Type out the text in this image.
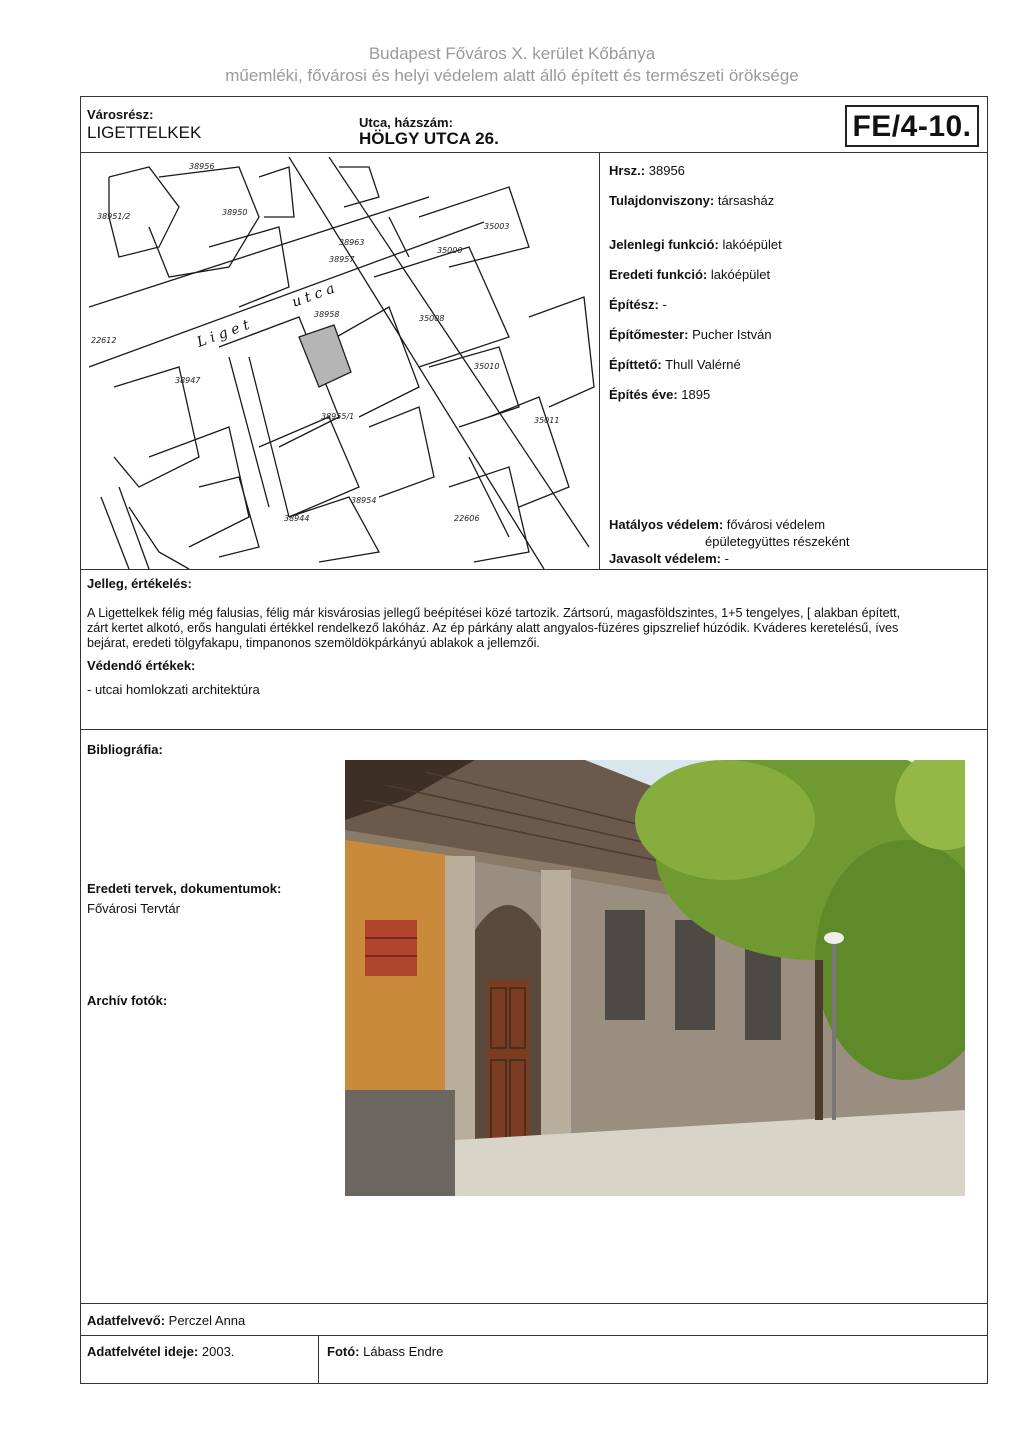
Budapest Főváros X. kerület Kőbánya
műemléki, fővárosi és helyi védelem alatt álló épített és természeti öröksége
Városrész:
LIGETTELKEK
Utca, házszám:
HÖLGY UTCA 26.	FE/4-10.
38956
38950
38951/2
38957
38958
38963
22612
38947
38954
38944
38955/1
35000
35003
35008
35010
35011
22606
L i g e t
u t c a
Hrsz.: 38956
Tulajdonviszony: társasház
Jelenlegi funkció: lakóépület
Eredeti funkció: lakóépület
Építész: -
Építőmester: Pucher István
Építtető: Thull Valérné
Építés éve: 1895
Hatályos védelem: fővárosi védelem
épületegyüttes részeként
Javasolt védelem: -
Jelleg, értékelés:
A Ligettelkek félig még falusias, félig már kisvárosias jellegű beépítései közé tartozik. Zártsorú, magasföldszintes, 1+5 tengelyes, [ alakban épített,
zárt kertet alkotó, erős hangulati értékkel rendelkező lakóház. Az ép párkány alatt angyalos-füzéres gipszrelief húzódik. Kváderes keretelésű, íves
bejárat, eredeti tölgyfakapu, timpanonos szemöldökpárkányú ablakok a jellemzői.
Védendő értékek:
- utcai homlokzati architektúra
Bibliográfia:
Eredeti tervek, dokumentumok:
Fővárosi Tervtár
Archív fotók:
Adatfelvevő: Perczel Anna
Adatfelvétel ideje: 2003.	Fotó: Lábass Endre
